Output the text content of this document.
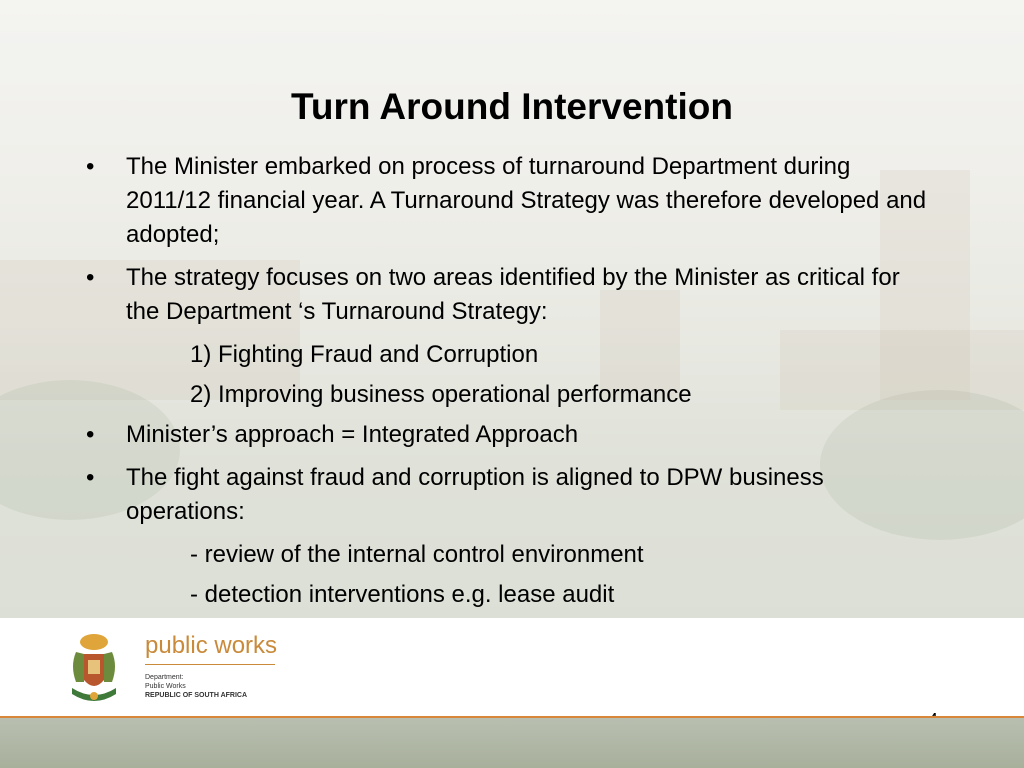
Turn Around Intervention
•	The Minister embarked on process of turnaround Department during 2011/12 financial year. A Turnaround Strategy was therefore developed and adopted;
•	The strategy focuses on two areas identified by the Minister as critical for the Department ‘s Turnaround Strategy:
1) Fighting Fraud and Corruption
2) Improving business operational performance
•	Minister’s approach = Integrated Approach
•	The fight against fraud and corruption is aligned to DPW business operations:
- review of the internal control environment
- detection interventions e.g. lease audit
public works
Department:
Public Works
REPUBLIC OF SOUTH AFRICA
